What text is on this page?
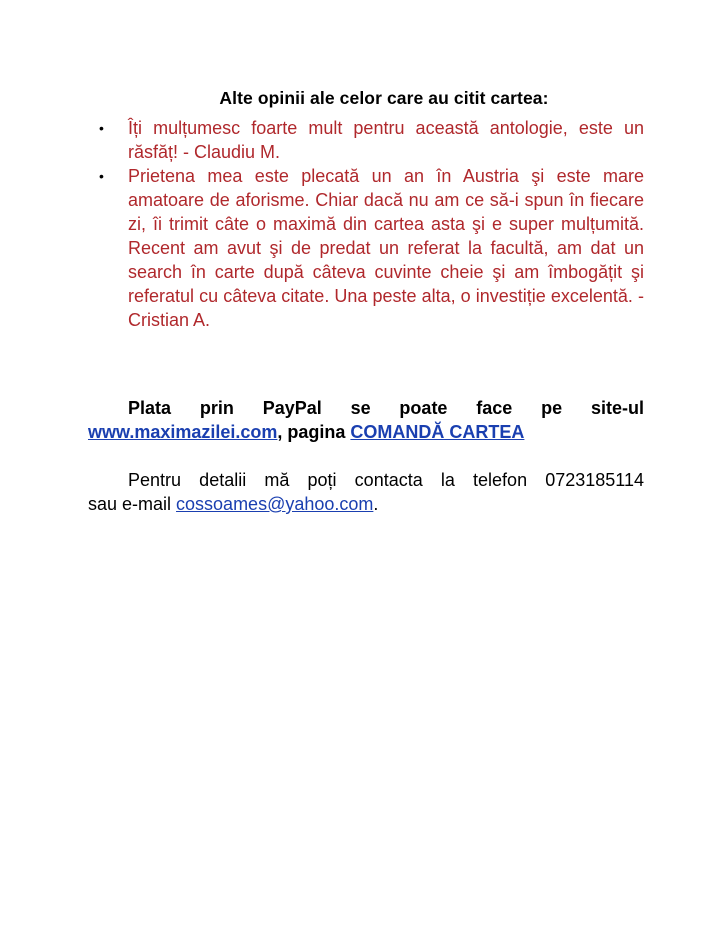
Alte opinii ale celor care au citit cartea:
• Îți mulțumesc foarte mult pentru această antologie, este un răsfăț! - Claudiu M.
• Prietena mea este plecată un an în Austria şi este mare amatoare de aforisme. Chiar dacă nu am ce să-i spun în fiecare zi, îi trimit câte o maximă din cartea asta şi e super mulțumită. Recent am avut şi de predat un referat la facultă, am dat un search în carte după câteva cuvinte cheie şi am îmbogățit şi referatul cu câteva citate. Una peste alta, o investiție excelentă. - Cristian A.
Plata prin PayPal se poate face pe site-ul
www.maximazilei.com, pagina COMANDĂ CARTEA
Pentru detalii mă poți contacta la telefon 0723185114
sau e-mail cossoames@yahoo.com.
